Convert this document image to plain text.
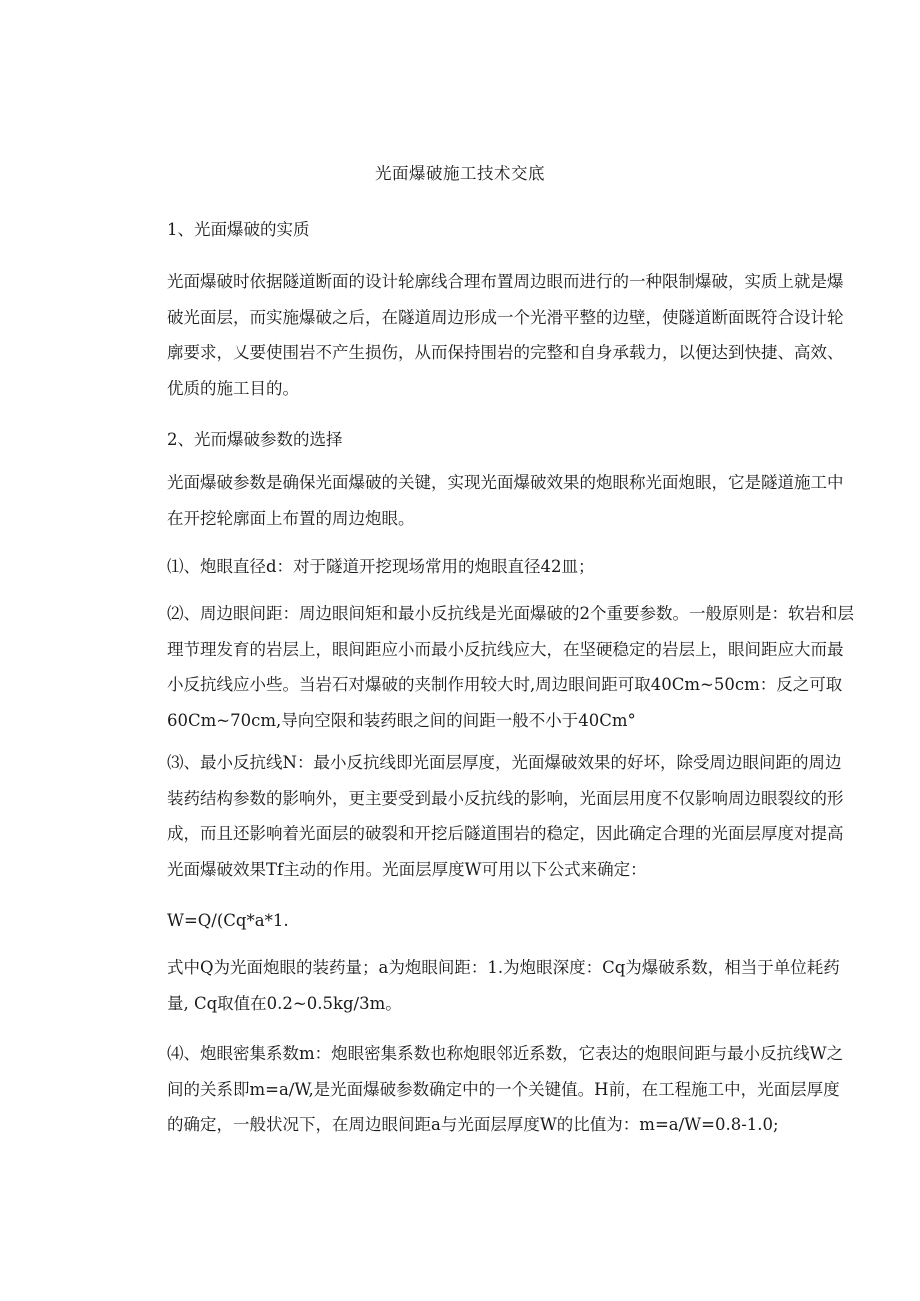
光面爆破施工技术交底

1、光面爆破的实质

光面爆破时依据隧道断面的设计轮廓线合理布置周边眼而进行的一种限制爆破，实质上就是爆破光面层，而实施爆破之后，在隧道周边形成一个光滑平整的边壁，使隧道断面既符合设计轮廓要求，乂要使围岩不产生损伤，从而保持围岩的完整和自身承载力，以便达到快捷、高效、优质的施工目的。

2、光而爆破参数的选择

光面爆破参数是确保光面爆破的关键，实现光面爆破效果的炮眼称光面炮眼，它是隧道施工中在开挖轮廓面上布置的周边炮眼。

⑴、炮眼直径d：对于隧道开挖现场常用的炮眼直径42皿；

⑵、周边眼间距：周边眼间矩和最小反抗线是光面爆破的2个重要参数。一般原则是：软岩和层理节理发育的岩层上，眼间距应小而最小反抗线应大，在坚硬稳定的岩层上，眼间距应大而最小反抗线应小些。当岩石对爆破的夹制作用较大时,周边眼间距可取40Cm~50cm：反之可取60Cm~70cm,导向空限和装药眼之间的间距一般不小于40Cm°

⑶、最小反抗线N：最小反抗线即光面层厚度，光面爆破效果的好坏，除受周边眼间距的周边装药结构参数的影响外，更主要受到最小反抗线的影响，光面层用度不仅影响周边眼裂纹的形成，而且还影响着光面层的破裂和开挖后隧道围岩的稳定，因此确定合理的光面层厚度对提高光面爆破效果Tf主动的作用。光面层厚度W可用以下公式来确定：

W=Q/(Cq*a*1.

式中Q为光面炮眼的装药量；a为炮眼间距：1.为炮眼深度：Cq为爆破系数，相当于单位耗药量, Cq取值在0.2~0.5kg∕3m。

⑷、炮眼密集系数m：炮眼密集系数也称炮眼邻近系数，它表达的炮眼间距与最小反抗线W之间的关系即m=a∕W,是光面爆破参数确定中的一个关键值。H前，在工程施工中，光面层厚度的确定，一般状况下，在周边眼间距a与光面层厚度W的比值为：m=a∕W=0.8-1.0;
